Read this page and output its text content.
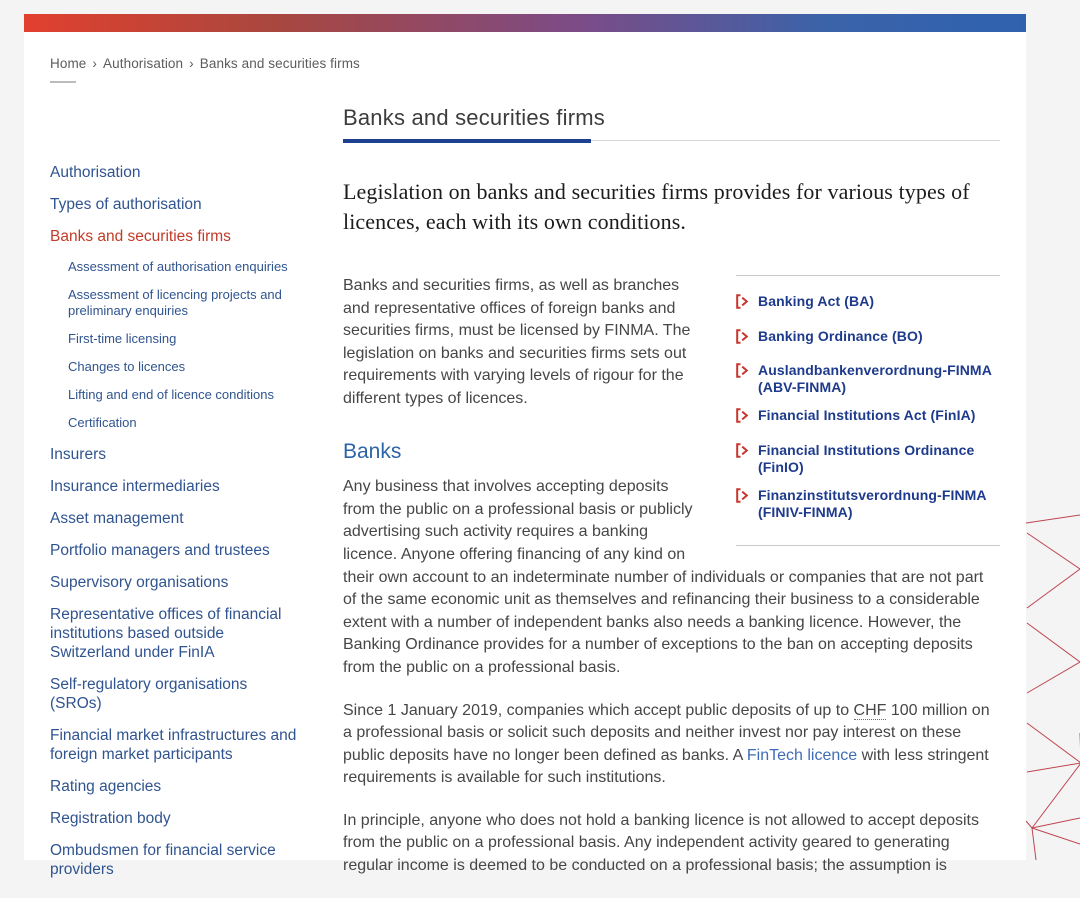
Home › Authorisation › Banks and securities firms
Authorisation
Types of authorisation
Banks and securities firms
Assessment of authorisation enquiries
Assessment of licencing projects and preliminary enquiries
First-time licensing
Changes to licences
Lifting and end of licence conditions
Certification
Insurers
Insurance intermediaries
Asset management
Portfolio managers and trustees
Supervisory organisations
Representative offices of financial institutions based outside Switzerland under FinIA
Self-regulatory organisations (SROs)
Financial market infrastructures and foreign market participants
Rating agencies
Registration body
Ombudsmen for financial service providers
Banks and securities firms

Legislation on banks and securities firms provides for various types of licences, each with its own conditions.

Banking Act (BA)
Banking Ordinance (BO)
Auslandbankenverordnung-FINMA (ABV-FINMA)
Financial Institutions Act (FinIA)
Financial Institutions Ordinance (FinIO)
Finanzinstitutsverordnung-FINMA (FINIV-FINMA)

Banks and securities firms, as well as branches and representative offices of foreign banks and securities firms, must be licensed by FINMA. The legislation on banks and securities firms sets out requirements with varying levels of rigour for the different types of licences.

Banks

Any business that involves accepting deposits from the public on a professional basis or publicly advertising such activity requires a banking licence. Anyone offering financing of any kind on their own account to an indeterminate number of individuals or companies that are not part of the same economic unit as themselves and refinancing their business to a considerable extent with a number of independent banks also needs a banking licence. However, the Banking Ordinance provides for a number of exceptions to the ban on accepting deposits from the public on a professional basis.

Since 1 January 2019, companies which accept public deposits of up to CHF 100 million on a professional basis or solicit such deposits and neither invest nor pay interest on these public deposits have no longer been defined as banks. A FinTech licence with less stringent requirements is available for such institutions.

In principle, anyone who does not hold a banking licence is not allowed to accept deposits from the public on a professional basis. Any independent activity geared to generating regular income is deemed to be conducted on a professional basis; the assumption is
